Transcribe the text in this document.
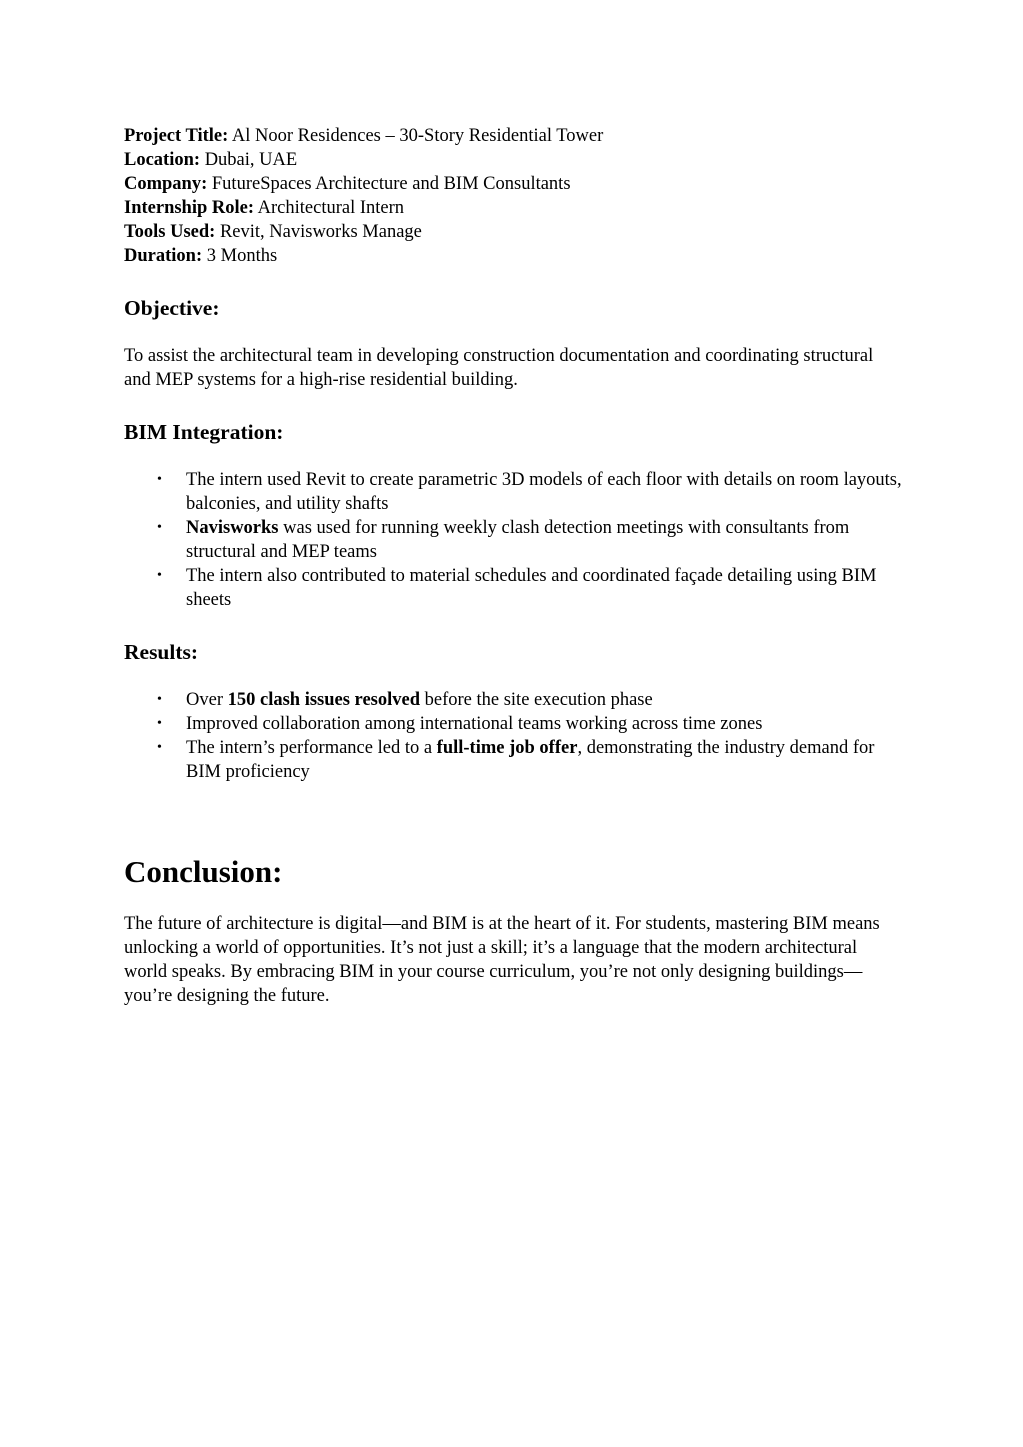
Project Title: Al Noor Residences – 30-Story Residential Tower

Location: Dubai, UAE

Company: FutureSpaces Architecture and BIM Consultants

Internship Role: Architectural Intern

Tools Used: Revit, Navisworks Manage

Duration: 3 Months

Objective:

To assist the architectural team in developing construction documentation and coordinating structural and MEP systems for a high-rise residential building.

BIM Integration:
• The intern used Revit to create parametric 3D models of each floor with details on room layouts, balconies, and utility shafts
• Navisworks was used for running weekly clash detection meetings with consultants from structural and MEP teams
• The intern also contributed to material schedules and coordinated façade detailing using BIM sheets
Results:
• Over 150 clash issues resolved before the site execution phase
• Improved collaboration among international teams working across time zones
• The intern’s performance led to a full-time job offer, demonstrating the industry demand for BIM proficiency
Conclusion:

The future of architecture is digital—and BIM is at the heart of it. For students, mastering BIM means unlocking a world of opportunities. It’s not just a skill; it’s a language that the modern architectural world speaks. By embracing BIM in your course curriculum, you’re not only designing buildings—you’re designing the future.
